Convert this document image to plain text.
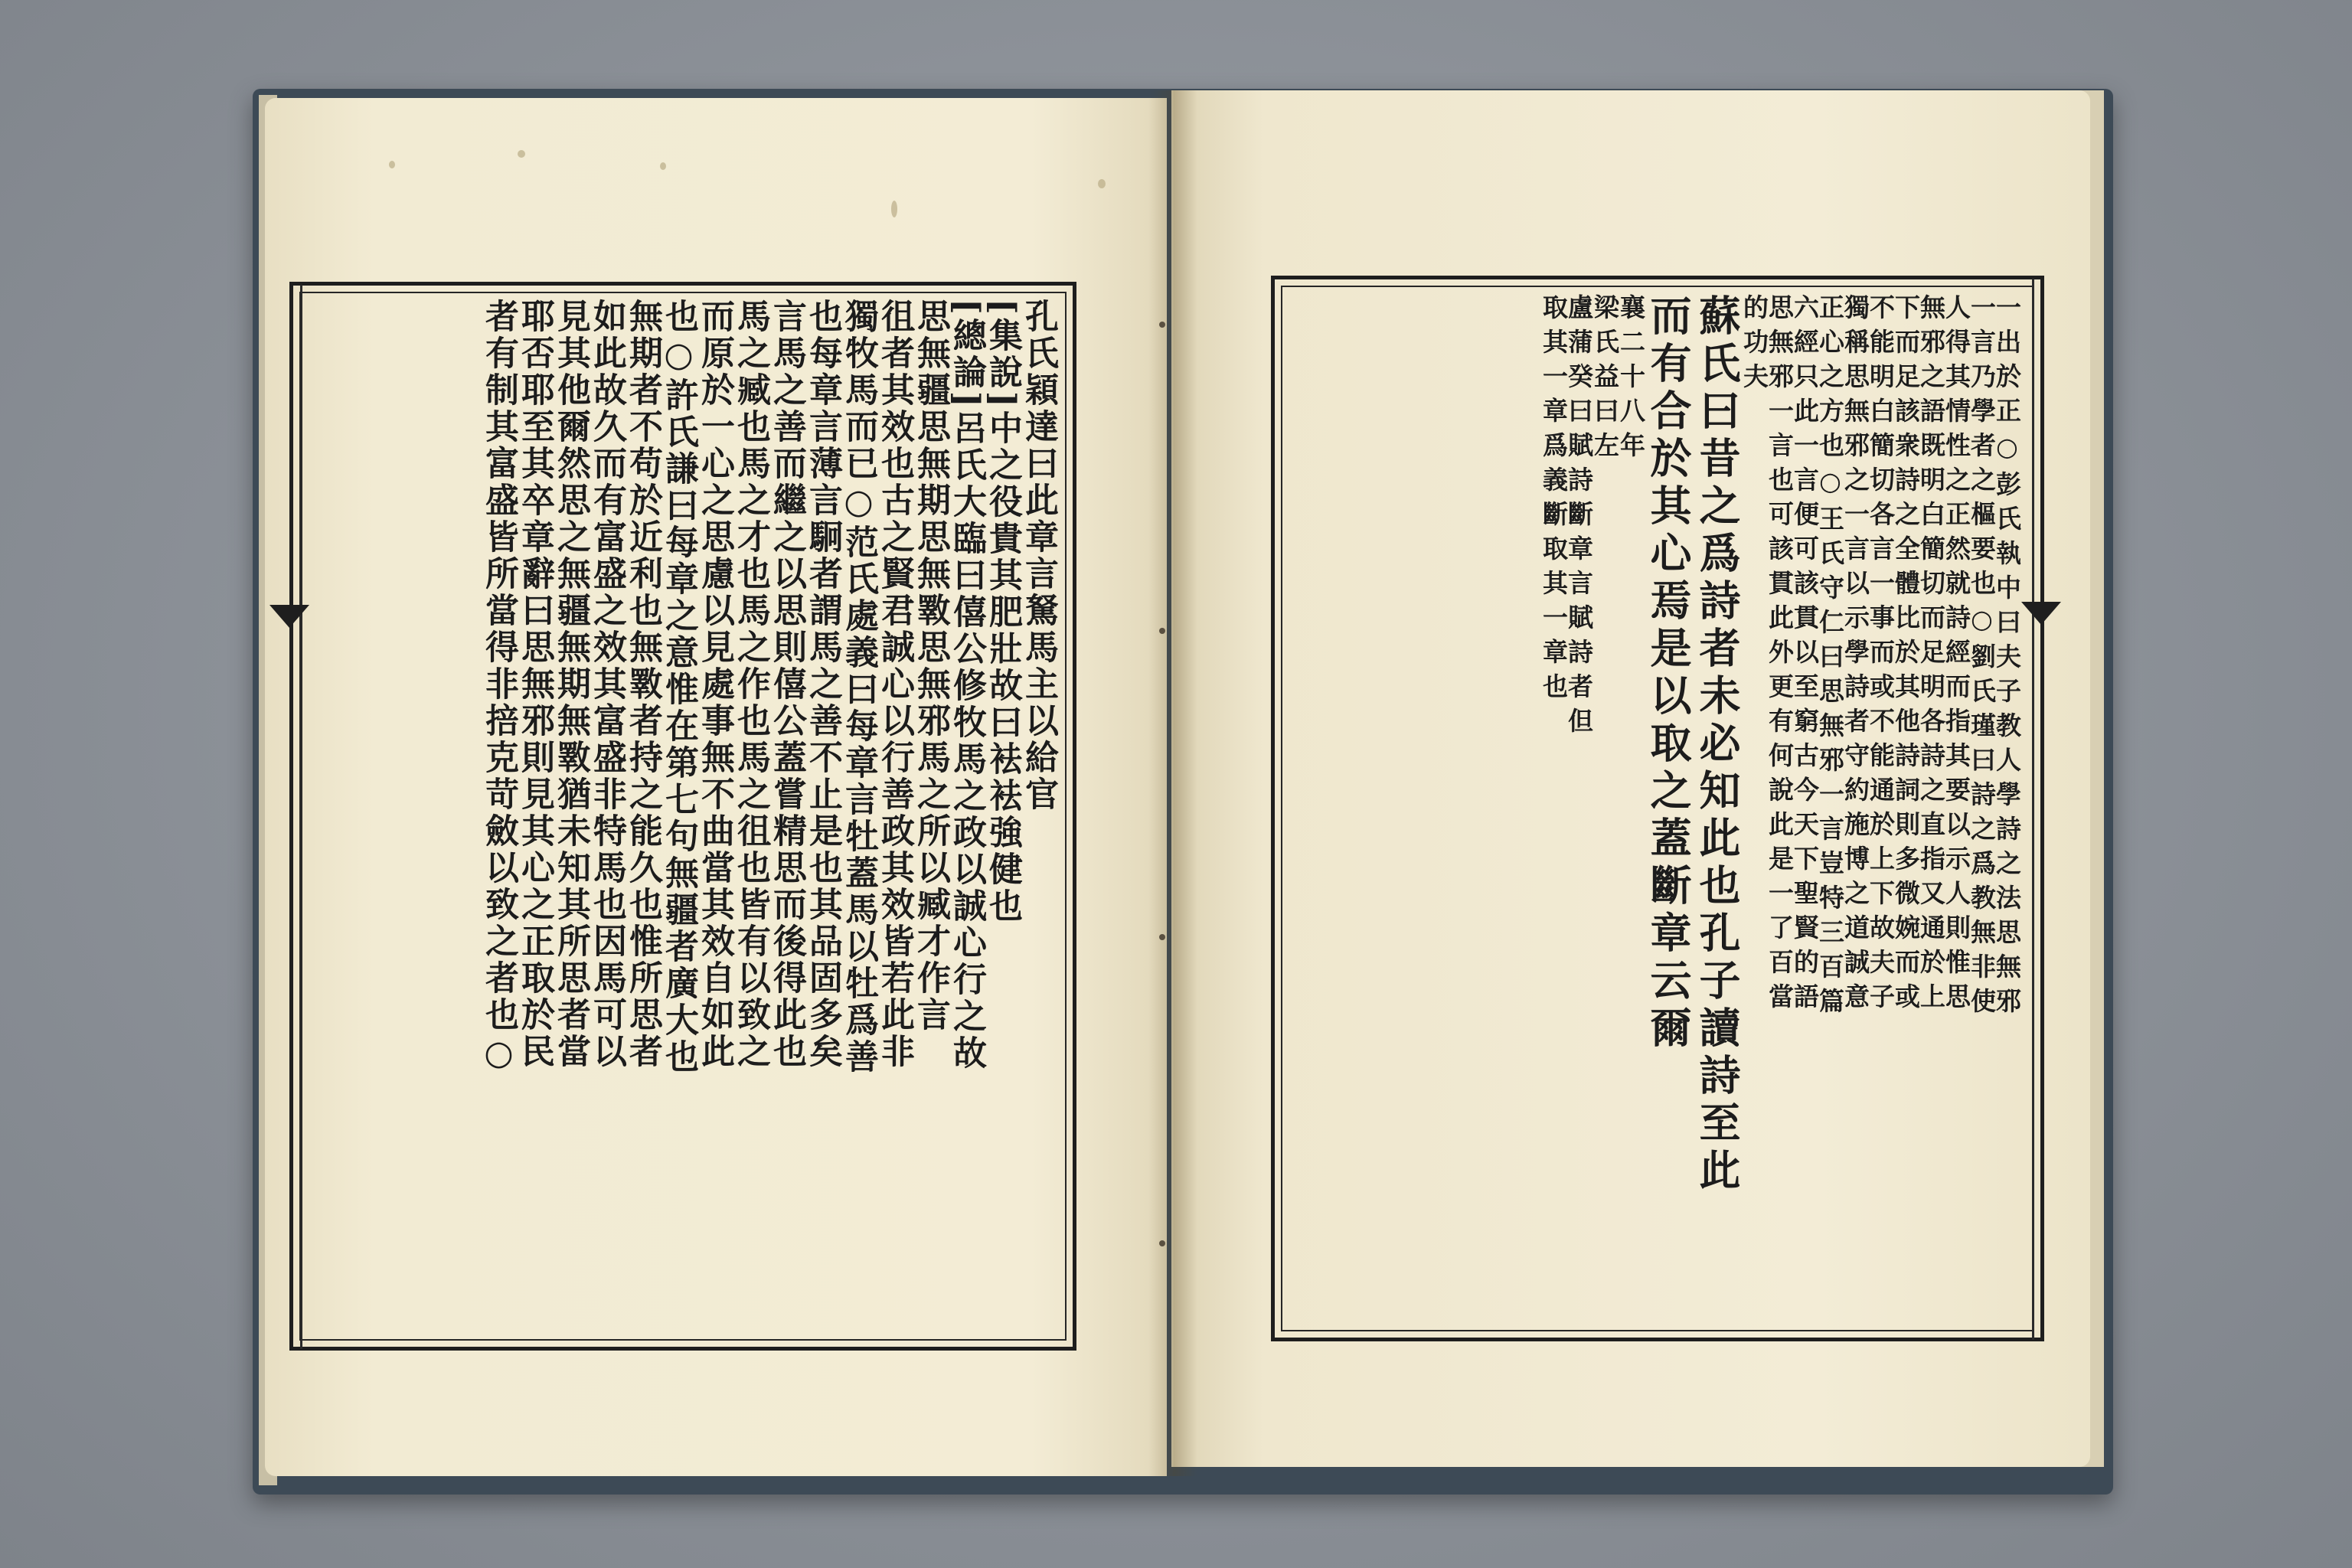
孔氏穎達曰此章言駑馬主以給官
[集說]中之役貴其肥壯故曰袪袪強健也
[總論]呂氏大臨曰僖公修牧馬之政以誠心行之故
思無疆思無期思無斁思無邪馬之所以臧才作言
徂者其效也古之賢君誠心以行善政其效皆若此非
獨牧馬而已○范氏處義曰每章言牡蓋馬以牡爲善
也每章言薄言駉者謂馬之善不止是也其品固多矣
言馬之善而繼之以思則僖公蓋嘗精思而後得此也
馬之臧也馬之才也馬之作也馬之徂也皆有以致之
而原於一心之思慮以見處事無不曲當其效自如此
也○許氏謙曰每章之意惟在第七句無疆者廣大也
無期者不苟於近利也無斁者持之能久也惟所思者
如此故久而有富盛之效其富盛非特馬也因馬可以
見其他爾然思之無疆無期無斁猶未知其所思者當
耶否耶至其卒章辭曰思無邪則見其心之正取於民
者有制其富盛皆所當得非掊克苛斂以致之者也○	一出於正○彭氏執中曰夫子教人學詩之法思無邪
一言乃學者之樞要也○劉氏瑾曰詩之爲教無非使
人得其情性之正然就詩經而指其要以示人則惟思
無邪之語既明白簡切而足明各詩之直指又通於上
下而足該衆詩之全體比於其他詩詞則多微婉而或
不能明白簡切各言一事而或不能通於上下故夫子
獨稱思無邪之一言以示學詩者守約施博之道誠意
正心之方也○王氏守仁曰思無邪一言豈特三百篇
六經只此一言便可該貫以至窮古今天下聖賢的語
思無邪一言也可該貫此外更有何說此是一了百當
的功夫
蘇氏曰昔之爲詩者未必知此也孔子讀詩至此
而有合於其心焉是以取之蓋斷章云爾
襄二十八年
梁氏益曰左
盧蒲癸曰賦詩斷章言賦詩者但
取其一章爲義斷取其一章也
